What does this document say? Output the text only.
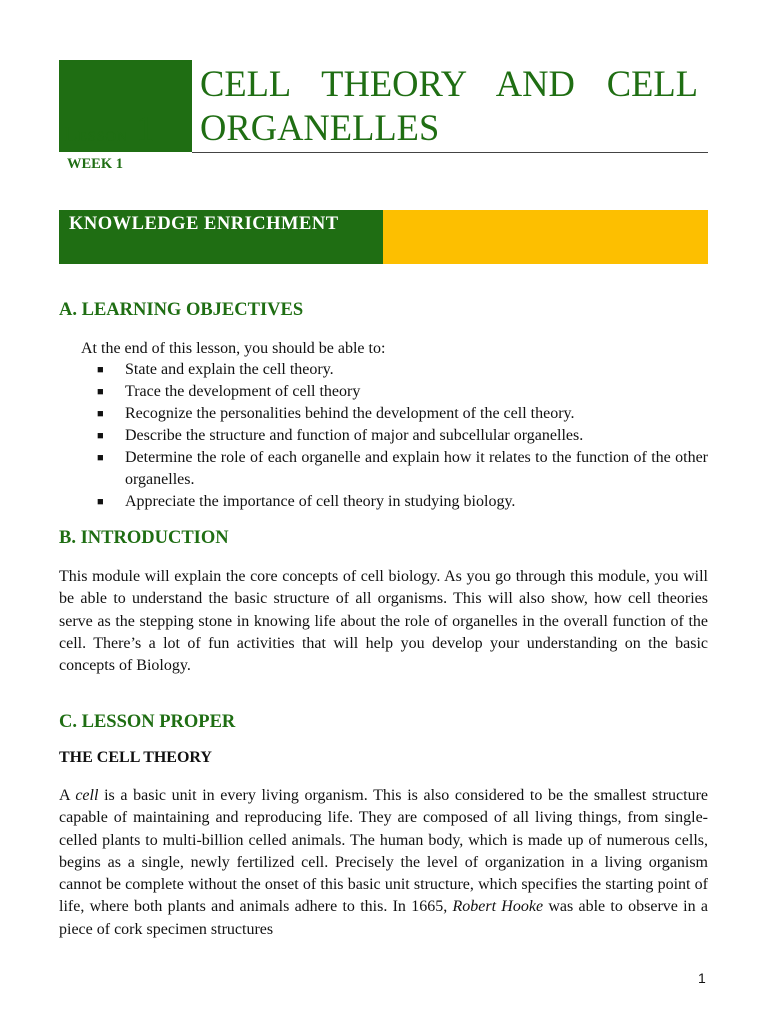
Lesson 1
CELL THEORY AND CELL ORGANELLES
WEEK 1
KNOWLEDGE ENRICHMENT
A. LEARNING OBJECTIVES

At the end of this lesson, you should be able to:

■ State and explain the cell theory.
■ Trace the development of cell theory
■ Recognize the personalities behind the development of the cell theory.
■ Describe the structure and function of major and subcellular organelles.
■ Determine the role of each organelle and explain how it relates to the function of the other organelles.
■ Appreciate the importance of cell theory in studying biology.
B. INTRODUCTION

This module will explain the core concepts of cell biology. As you go through this module, you will be able to understand the basic structure of all organisms. This will also show, how cell theories serve as the stepping stone in knowing life about the role of organelles in the overall function of the cell. There’s a lot of fun activities that will help you develop your understanding on the basic concepts of Biology.

C. LESSON PROPER

THE CELL THEORY

A cell is a basic unit in every living organism. This is also considered to be the smallest structure capable of maintaining and reproducing life. They are composed of all living things, from single-celled plants to multi-billion celled animals. The human body, which is made up of numerous cells, begins as a single, newly fertilized cell. Precisely the level of organization in a living organism cannot be complete without the onset of this basic unit structure, which specifies the starting point of life, where both plants and animals adhere to this. In 1665, Robert Hooke was able to observe in a piece of cork specimen structures

1
